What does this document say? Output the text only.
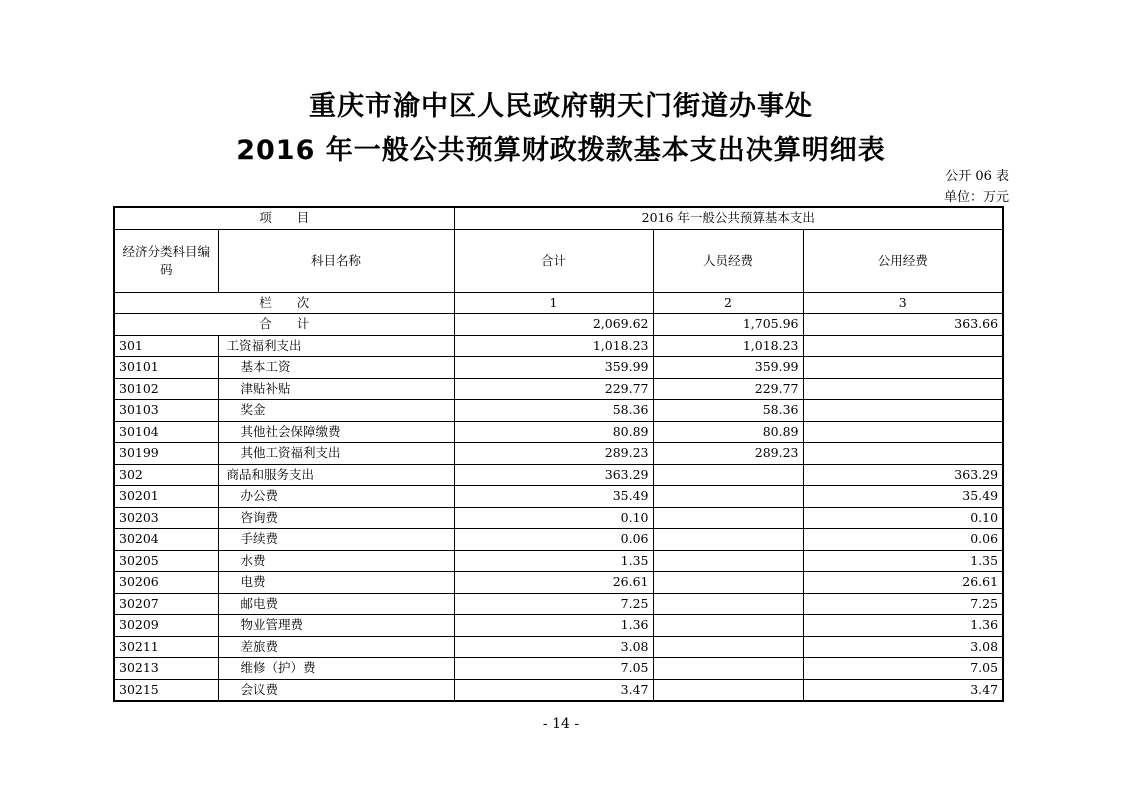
重庆市渝中区人民政府朝天门街道办事处
2016 年一般公共预算财政拨款基本支出决算明细表
公开 06 表
单位：万元
项　　目		2016 年一般公共预算基本支出		
经济分类科目编码	科目名称	合计	人员经费	公用经费
栏　　次		1	2	3
合　　计		2,069.62	1,705.96	363.66
301	工资福利支出	1,018.23	1,018.23	
30101	基本工资	359.99	359.99	
30102	津贴补贴	229.77	229.77	
30103	奖金	58.36	58.36	
30104	其他社会保障缴费	80.89	80.89	
30199	其他工资福利支出	289.23	289.23	
302	商品和服务支出	363.29		363.29
30201	办公费	35.49		35.49
30203	咨询费	0.10		0.10
30204	手续费	0.06		0.06
30205	水费	1.35		1.35
30206	电费	26.61		26.61
30207	邮电费	7.25		7.25
30209	物业管理费	1.36		1.36
30211	差旅费	3.08		3.08
30213	维修（护）费	7.05		7.05
30215	会议费	3.47		3.47
- 14 -
